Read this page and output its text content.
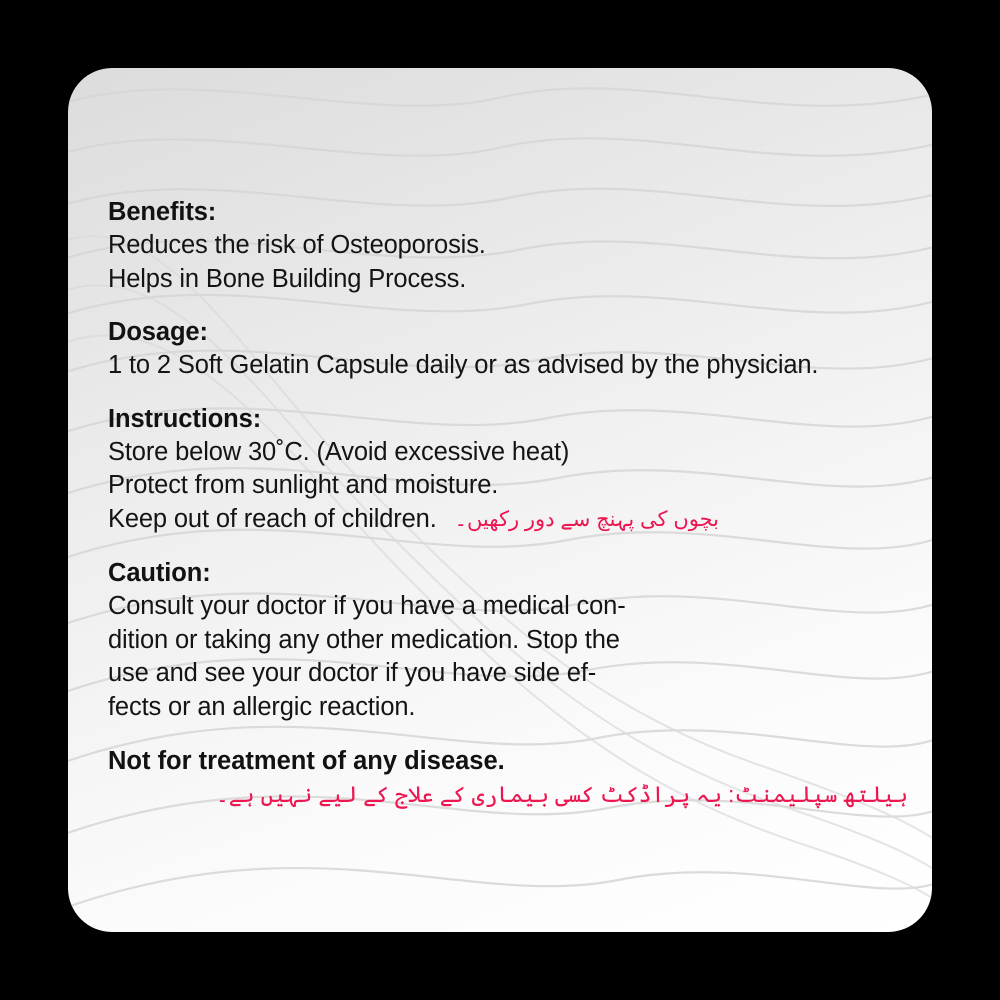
Benefits:
Reduces the risk of Osteoporosis.
Helps in Bone Building Process.
Dosage:
1 to 2 Soft Gelatin Capsule daily or as advised by the physician.
Instructions:
Store below 30˚C. (Avoid excessive heat)
Protect from sunlight and moisture.
Keep out of reach of children. بچوں کی پہنچ سے دور رکھیں۔
Caution:
Consult your doctor if you have a medical con-
dition or taking any other medication. Stop the
use and see your doctor if you have side ef-
fects or an allergic reaction.
Not for treatment of any disease.
ہیلتھ سپلیمنٹ: یہ پراڈکٹ کسی بیماری کے علاج کے لیے نہیں ہے۔
